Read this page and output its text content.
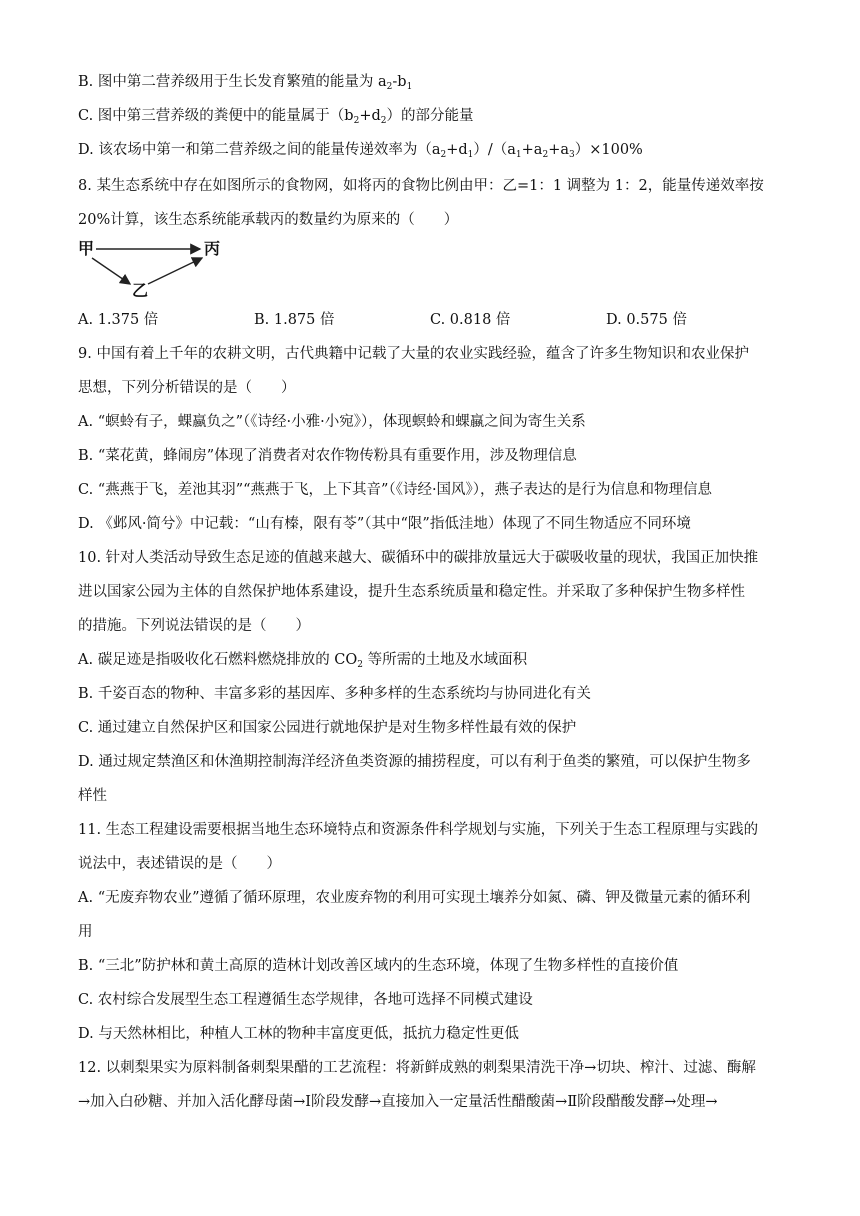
B. 图中第二营养级用于生长发育繁殖的能量为 $a_2-b_1$
C. 图中第三营养级的粪便中的能量属于$(b_2+d_2)$的部分能量
D. 该农场中第一和第二营养级之间的能量传递效率为$(a_2+d_1)/(a_1+a_2+a_3)\times 100\%$
8. 某生态系统中存在如图所示的食物网，如将丙的食物比例由甲：乙=1：1 调整为 1：2，能量传递效率按
20%计算，该生态系统能承载丙的数量约为原来的（　　）
甲	丙
乙
A. 1.375 倍	B. 1.875 倍	C. 0.818 倍	D. 0.575 倍
9. 中国有着上千年的农耕文明，古代典籍中记载了大量的农业实践经验，蕴含了许多生物知识和农业保护
思想，下列分析错误的是（　　）
A. “螟蛉有子，蜾蠃负之”（《诗经·小雅·小宛》），体现螟蛉和蜾蠃之间为寄生关系
B. “菜花黄，蜂闹房”体现了消费者对农作物传粉具有重要作用，涉及物理信息
C. “燕燕于飞，差池其羽”“燕燕于飞，上下其音”（《诗经·国风》），燕子表达的是行为信息和物理信息
D. 《邺风·简兮》中记载：“山有榛，限有苓”（其中“限”指低洼地）体现了不同生物适应不同环境
10. 针对人类活动导致生态足迹的值越来越大、碳循环中的碳排放量远大于碳吸收量的现状，我国正加快推
进以国家公园为主体的自然保护地体系建设，提升生态系统质量和稳定性。并采取了多种保护生物多样性
的措施。下列说法错误的是（　　）
A. 碳足迹是指吸收化石燃料燃烧排放的 $CO_2$ 等所需的土地及水域面积
B. 千姿百态的物种、丰富多彩的基因库、多种多样的生态系统均与协同进化有关
C. 通过建立自然保护区和国家公园进行就地保护是对生物多样性最有效的保护
D. 通过规定禁渔区和休渔期控制海洋经济鱼类资源的捕捞程度，可以有利于鱼类的繁殖，可以保护生物多
样性
11. 生态工程建设需要根据当地生态环境特点和资源条件科学规划与实施，下列关于生态工程原理与实践的
说法中，表述错误的是（　　）
A. “无废弃物农业”遵循了循环原理，农业废弃物的利用可实现土壤养分如氮、磷、钾及微量元素的循环利
用
B. “三北”防护林和黄土高原的造林计划改善区域内的生态环境，体现了生物多样性的直接价值
C. 农村综合发展型生态工程遵循生态学规律，各地可选择不同模式建设
D. 与天然林相比，种植人工林的物种丰富度更低，抵抗力稳定性更低
12. 以刺梨果实为原料制备刺梨果醋的工艺流程：将新鲜成熟的刺梨果清洗干净→切块、榨汁、过滤、酶解
→加入白砂糖、并加入活化酵母菌→Ⅰ阶段发酵→直接加入一定量活性醋酸菌→Ⅱ阶段醋酸发酵→处理→
